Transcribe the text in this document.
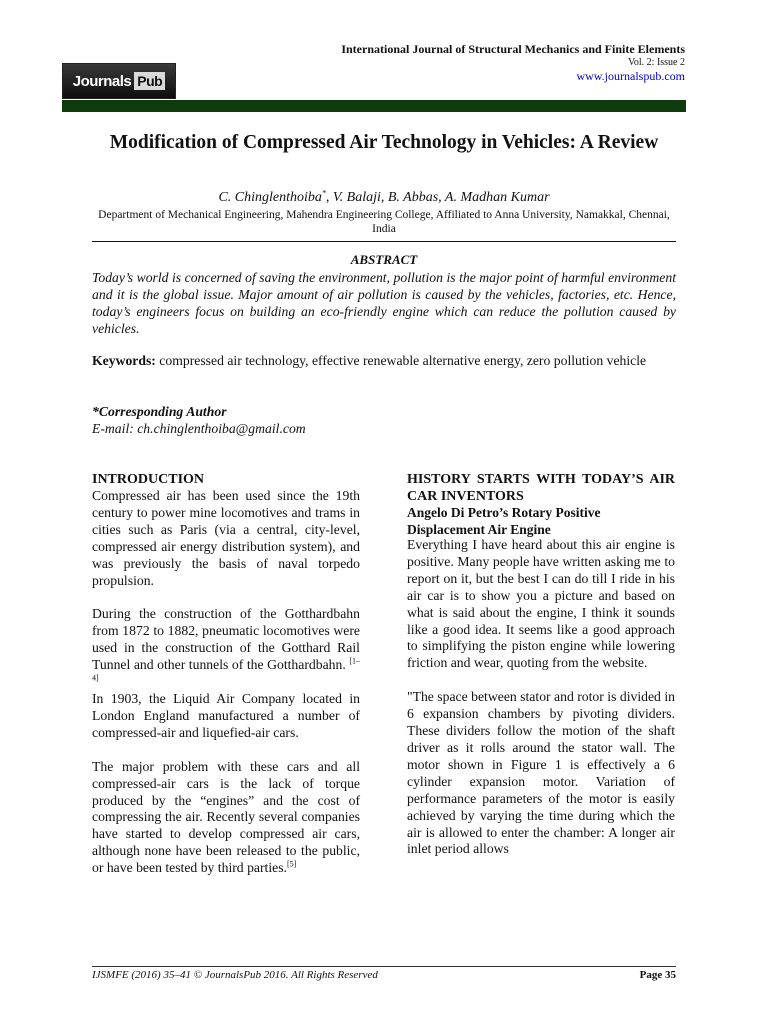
Journals Pub
International Journal of Structural Mechanics and Finite Elements
Vol. 2: Issue 2
www.journalspub.com
Modification of Compressed Air Technology in Vehicles: A Review
C. Chinglenthoiba*, V. Balaji, B. Abbas, A. Madhan Kumar
Department of Mechanical Engineering, Mahendra Engineering College, Affiliated to Anna University, Namakkal, Chennai, India
ABSTRACT
Today’s world is concerned of saving the environment, pollution is the major point of harmful environment and it is the global issue. Major amount of air pollution is caused by the vehicles, factories, etc. Hence, today’s engineers focus on building an eco-friendly engine which can reduce the pollution caused by vehicles.
Keywords: compressed air technology, effective renewable alternative energy, zero pollution vehicle
*Corresponding Author
E-mail: ch.chinglenthoiba@gmail.com
INTRODUCTION

Compressed air has been used since the 19th century to power mine locomotives and trams in cities such as Paris (via a central, city-level, compressed air energy distribution system), and was previously the basis of naval torpedo propulsion.

During the construction of the Gotthardbahn from 1872 to 1882, pneumatic locomotives were used in the construction of the Gotthard Rail Tunnel and other tunnels of the Gotthardbahn. [1–4]
In 1903, the Liquid Air Company located in London England manufactured a number of compressed-air and liquefied-air cars.

The major problem with these cars and all compressed-air cars is the lack of torque produced by the “engines” and the cost of compressing the air. Recently several companies have started to develop compressed air cars, although none have been released to the public, or have been tested by third parties.[5]

HISTORY STARTS WITH TODAY’S AIR CAR INVENTORS
Angelo Di Petro’s Rotary Positive Displacement Air Engine

Everything I have heard about this air engine is positive. Many people have written asking me to report on it, but the best I can do till I ride in his air car is to show you a picture and based on what is said about the engine, I think it sounds like a good idea. It seems like a good approach to simplifying the piston engine while lowering friction and wear, quoting from the website.

"The space between stator and rotor is divided in 6 expansion chambers by pivoting dividers. These dividers follow the motion of the shaft driver as it rolls around the stator wall. The motor shown in Figure 1 is effectively a 6 cylinder expansion motor. Variation of performance parameters of the motor is easily achieved by varying the time during which the air is allowed to enter the chamber: A longer air inlet period allows

IJSMFE (2016) 35–41 © JournalsPub 2016. All Rights Reserved	Page 35
